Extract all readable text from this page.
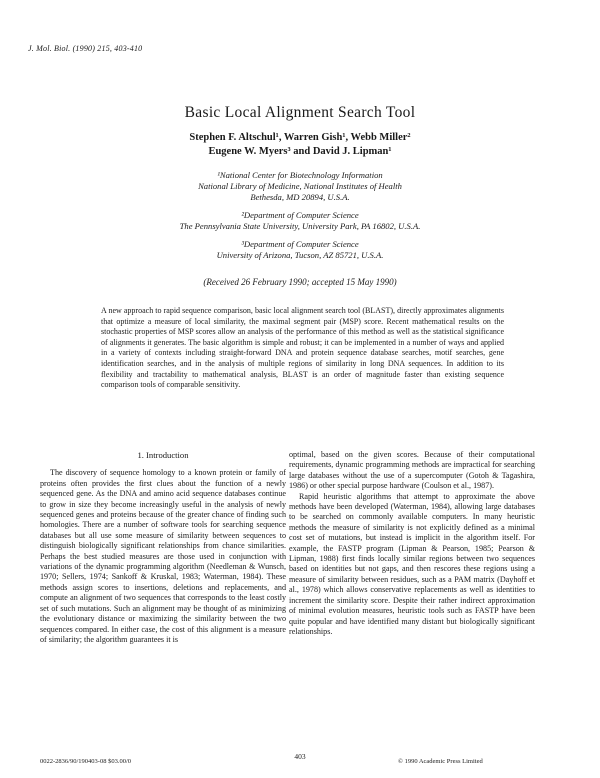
J. Mol. Biol. (1990) 215, 403-410
Basic Local Alignment Search Tool
Stephen F. Altschul¹, Warren Gish¹, Webb Miller²
Eugene W. Myers³ and David J. Lipman¹
¹National Center for Biotechnology Information
National Library of Medicine, National Institutes of Health
Bethesda, MD 20894, U.S.A.
²Department of Computer Science
The Pennsylvania State University, University Park, PA 16802, U.S.A.
³Department of Computer Science
University of Arizona, Tucson, AZ 85721, U.S.A.
(Received 26 February 1990; accepted 15 May 1990)
A new approach to rapid sequence comparison, basic local alignment search tool (BLAST), directly approximates alignments that optimize a measure of local similarity, the maximal segment pair (MSP) score. Recent mathematical results on the stochastic properties of MSP scores allow an analysis of the performance of this method as well as the statistical significance of alignments it generates. The basic algorithm is simple and robust; it can be implemented in a number of ways and applied in a variety of contexts including straight-forward DNA and protein sequence database searches, motif searches, gene identification searches, and in the analysis of multiple regions of similarity in long DNA sequences. In addition to its flexibility and tractability to mathematical analysis, BLAST is an order of magnitude faster than existing sequence comparison tools of comparable sensitivity.
1. Introduction

The discovery of sequence homology to a known protein or family of proteins often provides the first clues about the function of a newly sequenced gene. As the DNA and amino acid sequence databases continue to grow in size they become increasingly useful in the analysis of newly sequenced genes and proteins because of the greater chance of finding such homologies. There are a number of software tools for searching sequence databases but all use some measure of similarity between sequences to distinguish biologically significant relationships from chance similarities. Perhaps the best studied measures are those used in conjunction with variations of the dynamic programming algorithm (Needleman & Wunsch, 1970; Sellers, 1974; Sankoff & Kruskal, 1983; Waterman, 1984). These methods assign scores to insertions, deletions and replacements, and compute an alignment of two sequences that corresponds to the least costly set of such mutations. Such an alignment may be thought of as minimizing the evolutionary distance or maximizing the similarity between the two sequences compared. In either case, the cost of this alignment is a measure of similarity; the algorithm guarantees it is

optimal, based on the given scores. Because of their computational requirements, dynamic programming methods are impractical for searching large databases without the use of a supercomputer (Gotoh & Tagashira, 1986) or other special purpose hardware (Coulson et al., 1987).

Rapid heuristic algorithms that attempt to approximate the above methods have been developed (Waterman, 1984), allowing large databases to be searched on commonly available computers. In many heuristic methods the measure of similarity is not explicitly defined as a minimal cost set of mutations, but instead is implicit in the algorithm itself. For example, the FASTP program (Lipman & Pearson, 1985; Pearson & Lipman, 1988) first finds locally similar regions between two sequences based on identities but not gaps, and then rescores these regions using a measure of similarity between residues, such as a PAM matrix (Dayhoff et al., 1978) which allows conservative replacements as well as identities to increment the similarity score. Despite their rather indirect approximation of minimal evolution measures, heuristic tools such as FASTP have been quite popular and have identified many distant but biologically significant relationships.

0022-2836/90/190403-08 $03.00/0
403
© 1990 Academic Press Limited
